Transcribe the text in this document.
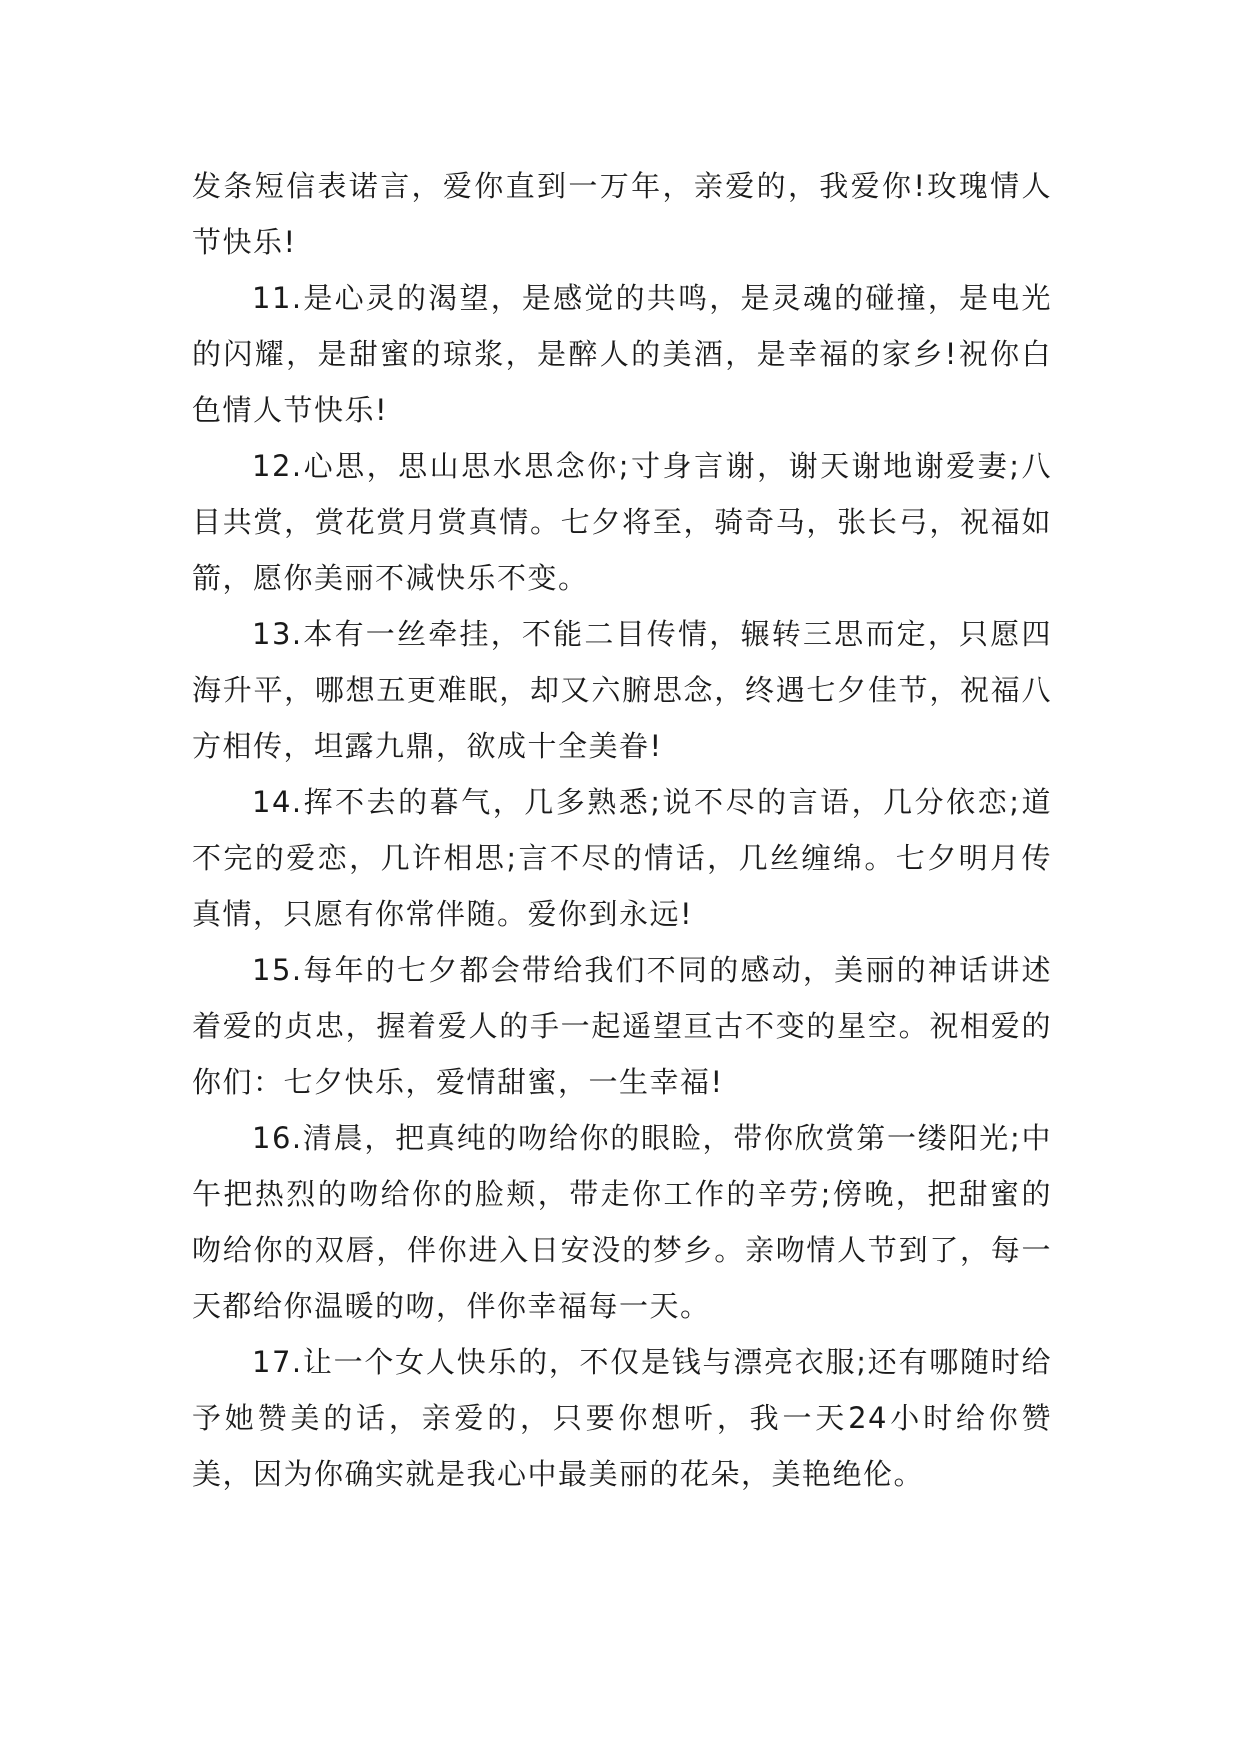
发条短信表诺言，爱你直到一万年，亲爱的，我爱你!玫瑰情人节快乐!

11.是心灵的渴望，是感觉的共鸣，是灵魂的碰撞，是电光的闪耀，是甜蜜的琼浆，是醉人的美酒，是幸福的家乡!祝你白色情人节快乐!

12.心思，思山思水思念你;寸身言谢，谢天谢地谢爱妻;八目共赏，赏花赏月赏真情。七夕将至，骑奇马，张长弓，祝福如箭，愿你美丽不减快乐不变。

13.本有一丝牵挂，不能二目传情，辗转三思而定，只愿四海升平，哪想五更难眠，却又六腑思念，终遇七夕佳节，祝福八方相传，坦露九鼎，欲成十全美眷!

14.挥不去的暮气，几多熟悉;说不尽的言语，几分依恋;道不完的爱恋，几许相思;言不尽的情话，几丝缠绵。七夕明月传真情，只愿有你常伴随。爱你到永远!

15.每年的七夕都会带给我们不同的感动，美丽的神话讲述着爱的贞忠，握着爱人的手一起遥望亘古不变的星空。祝相爱的你们：七夕快乐，爱情甜蜜，一生幸福!

16.清晨，把真纯的吻给你的眼睑，带你欣赏第一缕阳光;中午把热烈的吻给你的脸颊，带走你工作的辛劳;傍晚，把甜蜜的吻给你的双唇，伴你进入日安没的梦乡。亲吻情人节到了，每一天都给你温暖的吻，伴你幸福每一天。

17.让一个女人快乐的，不仅是钱与漂亮衣服;还有哪随时给予她赞美的话，亲爱的，只要你想听，我一天24小时给你赞美，因为你确实就是我心中最美丽的花朵，美艳绝伦。
